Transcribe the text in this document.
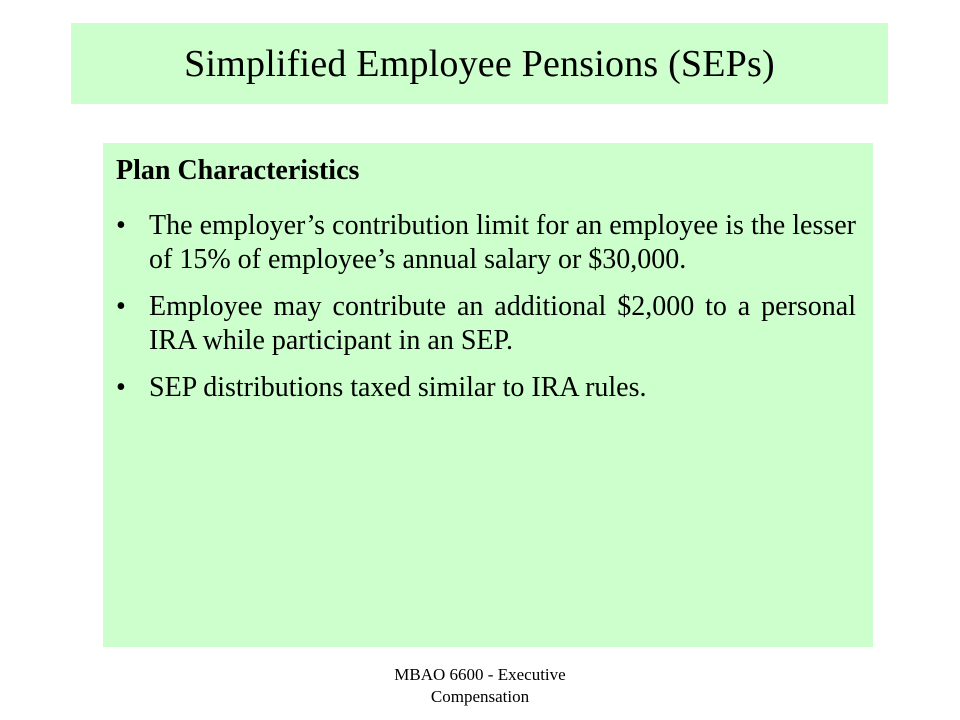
Simplified Employee Pensions (SEPs)
Plan Characteristics
• The employer’s contribution limit for an employee is the lesser of 15% of employee’s annual salary or $30,000.
• Employee may contribute an additional $2,000 to a personal IRA while participant in an SEP.
• SEP distributions taxed similar to IRA rules.
MBAO 6600 - Executive
Compensation
